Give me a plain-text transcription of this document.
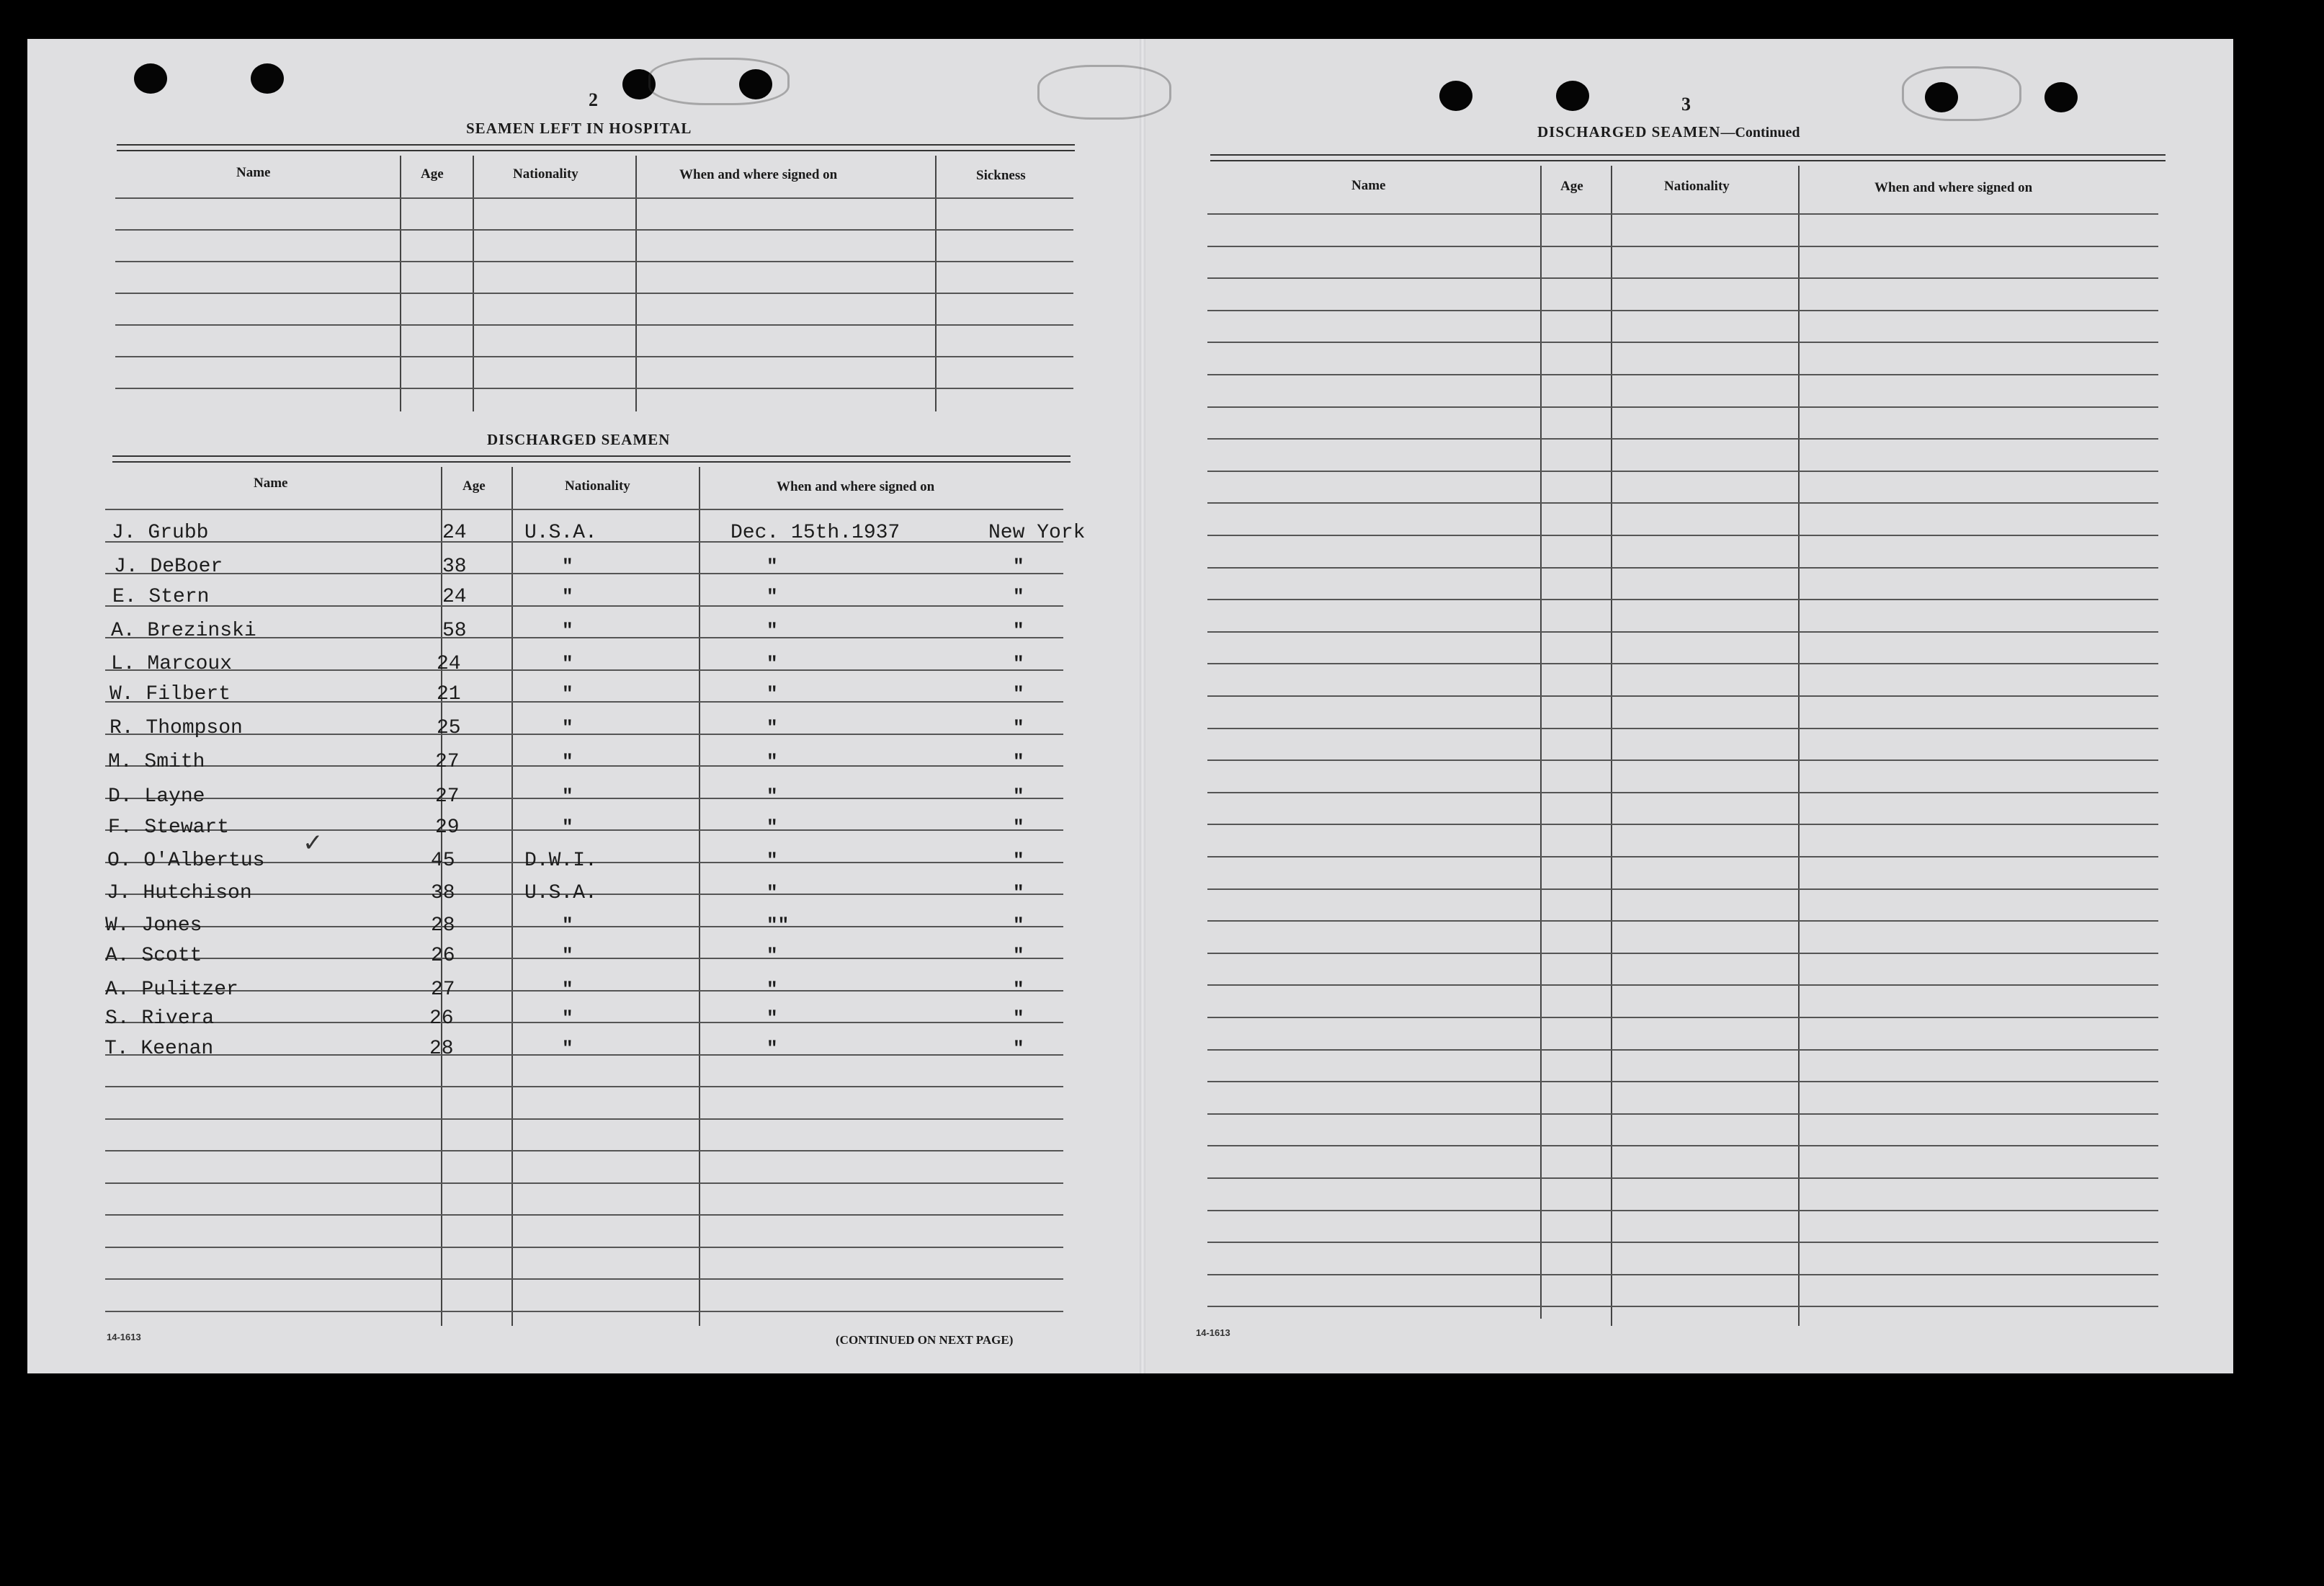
2
SEAMEN LEFT IN HOSPITAL
Name	Age	Nationality	When and where signed on	Sickness
DISCHARGED SEAMEN
Name	Age	Nationality	When and where signed on
J. Grubb	24	U.S.A.	Dec. 15th.1937	New York
J. DeBoer	38	"	"	"
E. Stern	24	"	"	"
A. Brezinski	58	"	"	"
L. Marcoux	24	"	"	"
W. Filbert	21	"	"	"
R. Thompson	25	"	"	"
M. Smith	27	"	"	"
D. Layne	27	"	"	"
F. Stewart	29	"	"	"
O. O'Albertus	45	D.W.I.	"	"
J. Hutchison	38	U.S.A.	"	"
W. Jones	28	"	""	"
A. Scott	26	"	"	"
A. Pulitzer	27	"	"	"
S. Rivera	26	"	"	"
T. Keenan	28	"	"	"
✓
14-1613	(CONTINUED ON NEXT PAGE)
3
DISCHARGED SEAMEN—Continued
Name	Age	Nationality	When and where signed on
14-1613
